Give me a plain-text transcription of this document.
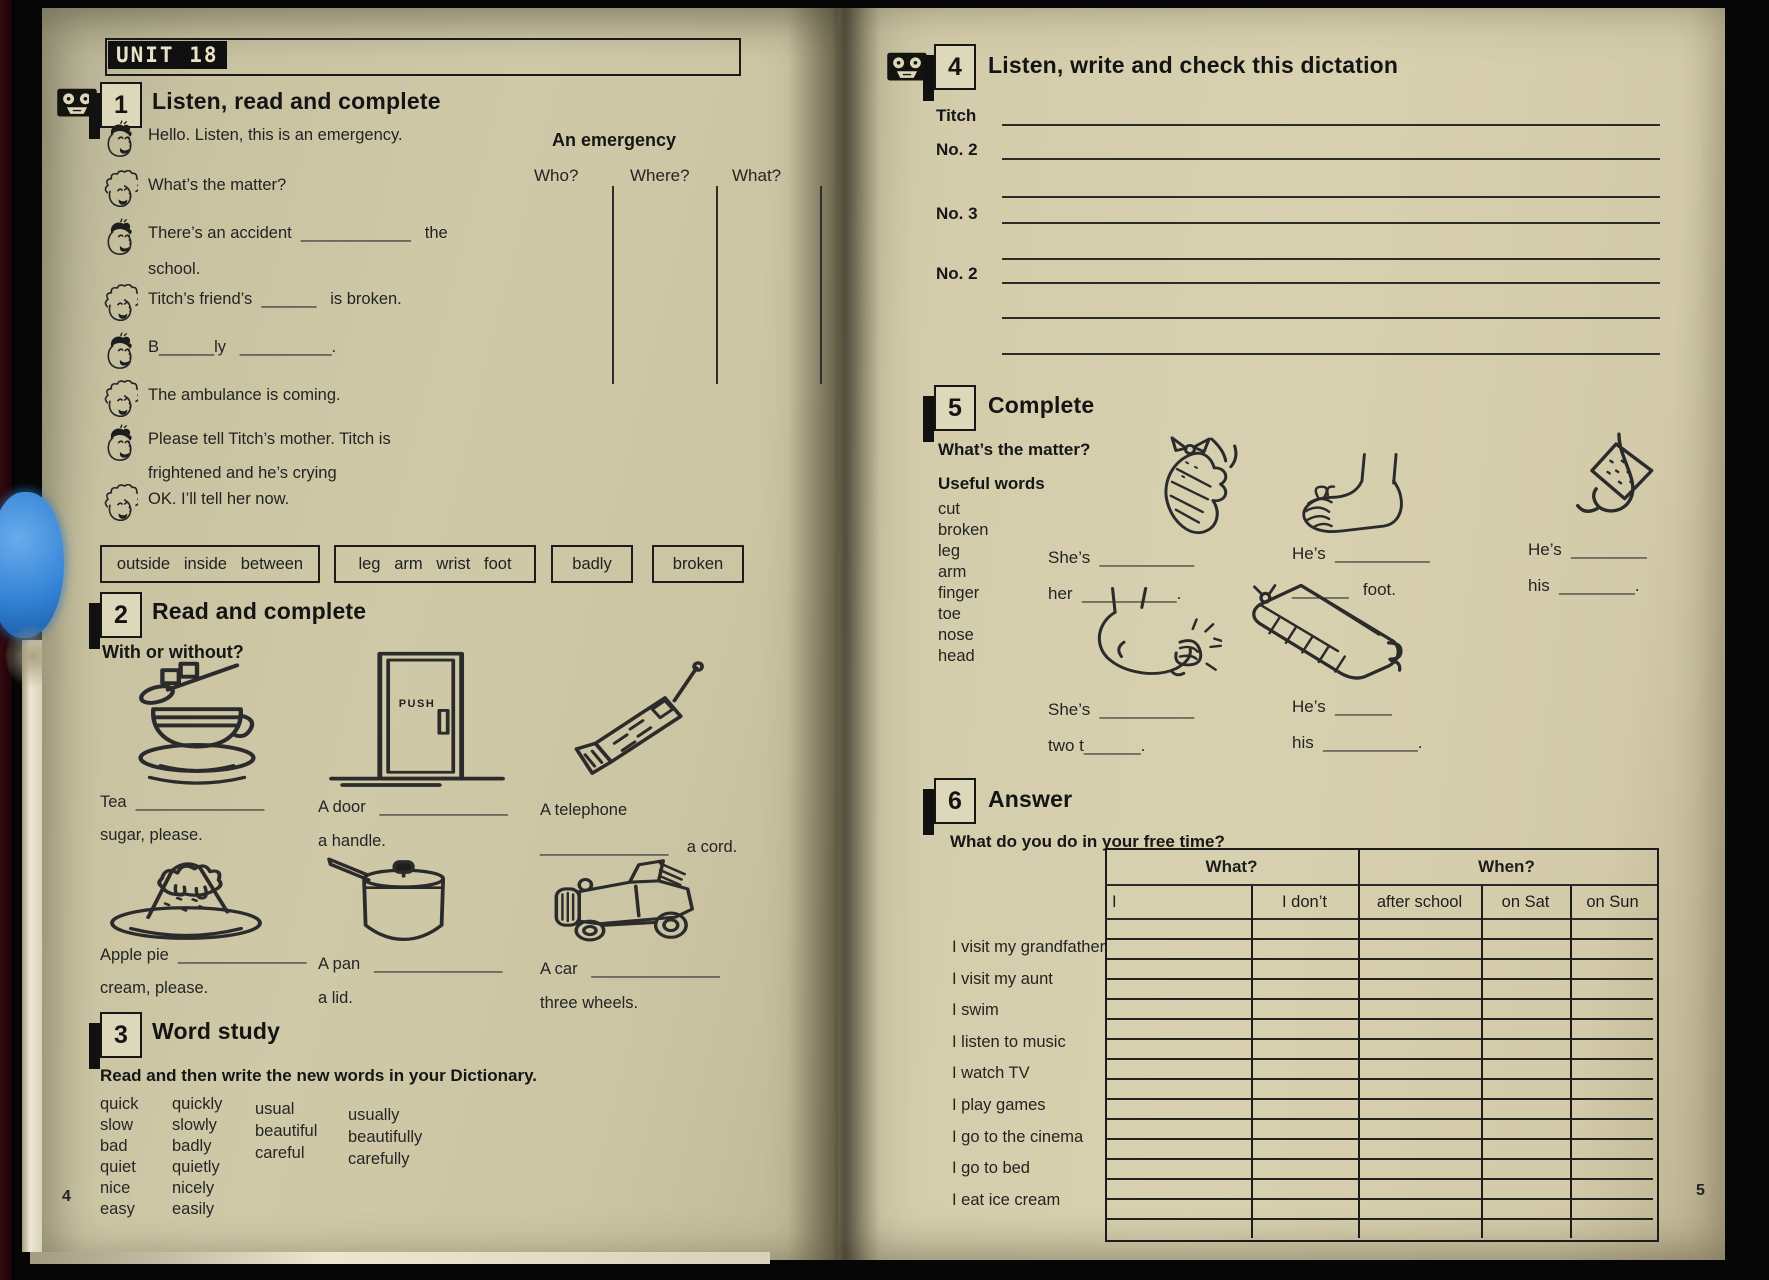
UNIT 18
1	Listen, read and complete
Hello. Listen, this is an emergency.
What’s the matter?
There’s an accident  ____________   the
school.
Titch’s friend’s  ______   is broken.
B______ly   __________.
The ambulance is coming.
Please tell Titch’s mother. Titch is
frightened and he’s crying
OK. I’ll tell her now.
An emergency
Who?	Where? What?
outside   inside   between	leg   arm   wrist   foot	badly	broken
2	Read and complete
With or without?
Tea  ______________
sugar, please.
PUSH
A door   ______________
a handle.
A telephone
______________    a cord.
Apple pie  ______________
cream, please.
A pan   ______________
a lid.
A car   ______________
three wheels.
3	Word study
Read and then write the new words in your Dictionary.
quick
slow
bad
quiet
nice
easy
quickly
slowly
badly
quietly
nicely
easily
usual
beautiful
careful
usually
beautifully
carefully
4
4	Listen, write and check this dictation
Titch
No. 2
No. 3
No. 2
5	Complete
What’s the matter?
Useful words
cut
broken
leg
arm
finger
toe
nose
head
She’s  __________
her  __________.
He’s  __________
______   foot.
He’s  ________
his  ________.
She’s  __________
two t______.
He’s  ______
his  __________.
6	Answer
What do you do in your free time?
What?	When?
I	I don’t	after school	on Sat	on Sun
I visit my grandfather
I visit my aunt
I swim
I listen to music
I watch TV
I play games
I go to the cinema
I go to bed
I eat ice cream
5
